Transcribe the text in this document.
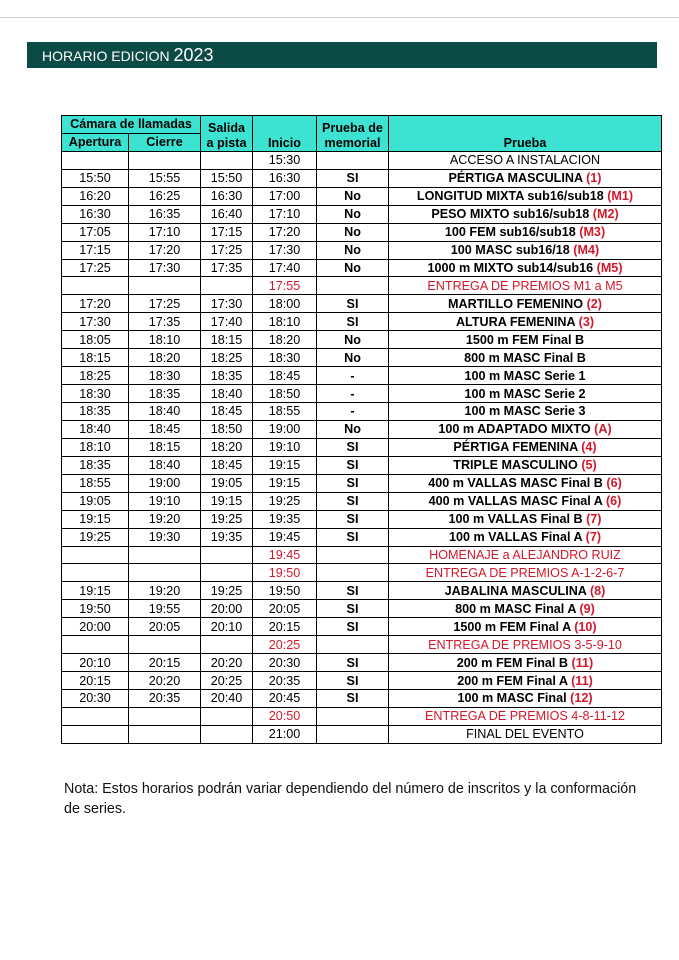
HORARIO EDICION 2023
Cámara de llamadas		Salida a pista	Inicio	Prueba de memorial	Prueba
Apertura	Cierre				
			15:30		ACCESO A INSTALACION
15:50	15:55	15:50	16:30	SI	PÉRTIGA MASCULINA (1)
16:20	16:25	16:30	17:00	No	LONGITUD MIXTA sub16/sub18 (M1)
16:30	16:35	16:40	17:10	No	PESO MIXTO sub16/sub18 (M2)
17:05	17:10	17:15	17:20	No	100 FEM sub16/sub18 (M3)
17:15	17:20	17:25	17:30	No	100 MASC sub16/18 (M4)
17:25	17:30	17:35	17:40	No	1000 m MIXTO sub14/sub16 (M5)
			17:55		ENTREGA DE PREMIOS M1 a M5
17:20	17:25	17:30	18:00	SI	MARTILLO FEMENINO (2)
17:30	17:35	17:40	18:10	SI	ALTURA FEMENINA (3)
18:05	18:10	18:15	18:20	No	1500 m FEM Final B
18:15	18:20	18:25	18:30	No	800 m MASC Final B
18:25	18:30	18:35	18:45	-	100 m MASC Serie 1
18:30	18:35	18:40	18:50	-	100 m MASC Serie 2
18:35	18:40	18:45	18:55	-	100 m MASC Serie 3
18:40	18:45	18:50	19:00	No	100 m ADAPTADO MIXTO (A)
18:10	18:15	18:20	19:10	SI	PÉRTIGA FEMENINA (4)
18:35	18:40	18:45	19:15	SI	TRIPLE MASCULINO (5)
18:55	19:00	19:05	19:15	SI	400 m VALLAS MASC Final B (6)
19:05	19:10	19:15	19:25	SI	400 m VALLAS MASC Final A (6)
19:15	19:20	19:25	19:35	SI	100 m VALLAS Final B (7)
19:25	19:30	19:35	19:45	SI	100 m VALLAS Final A (7)
			19:45		HOMENAJE a ALEJANDRO RUIZ
			19:50		ENTREGA DE PREMIOS A-1-2-6-7
19:15	19:20	19:25	19:50	SI	JABALINA MASCULINA (8)
19:50	19:55	20:00	20:05	SI	800 m MASC Final A (9)
20:00	20:05	20:10	20:15	SI	1500 m FEM Final A (10)
			20:25		ENTREGA DE PREMIOS 3-5-9-10
20:10	20:15	20:20	20:30	SI	200 m FEM Final B (11)
20:15	20:20	20:25	20:35	SI	200 m FEM Final A (11)
20:30	20:35	20:40	20:45	SI	100 m MASC Final (12)
			20:50		ENTREGA DE PREMIOS 4-8-11-12
			21:00		FINAL DEL EVENTO
Nota: Estos horarios podrán variar dependiendo del número de inscritos y la conformación de series.
